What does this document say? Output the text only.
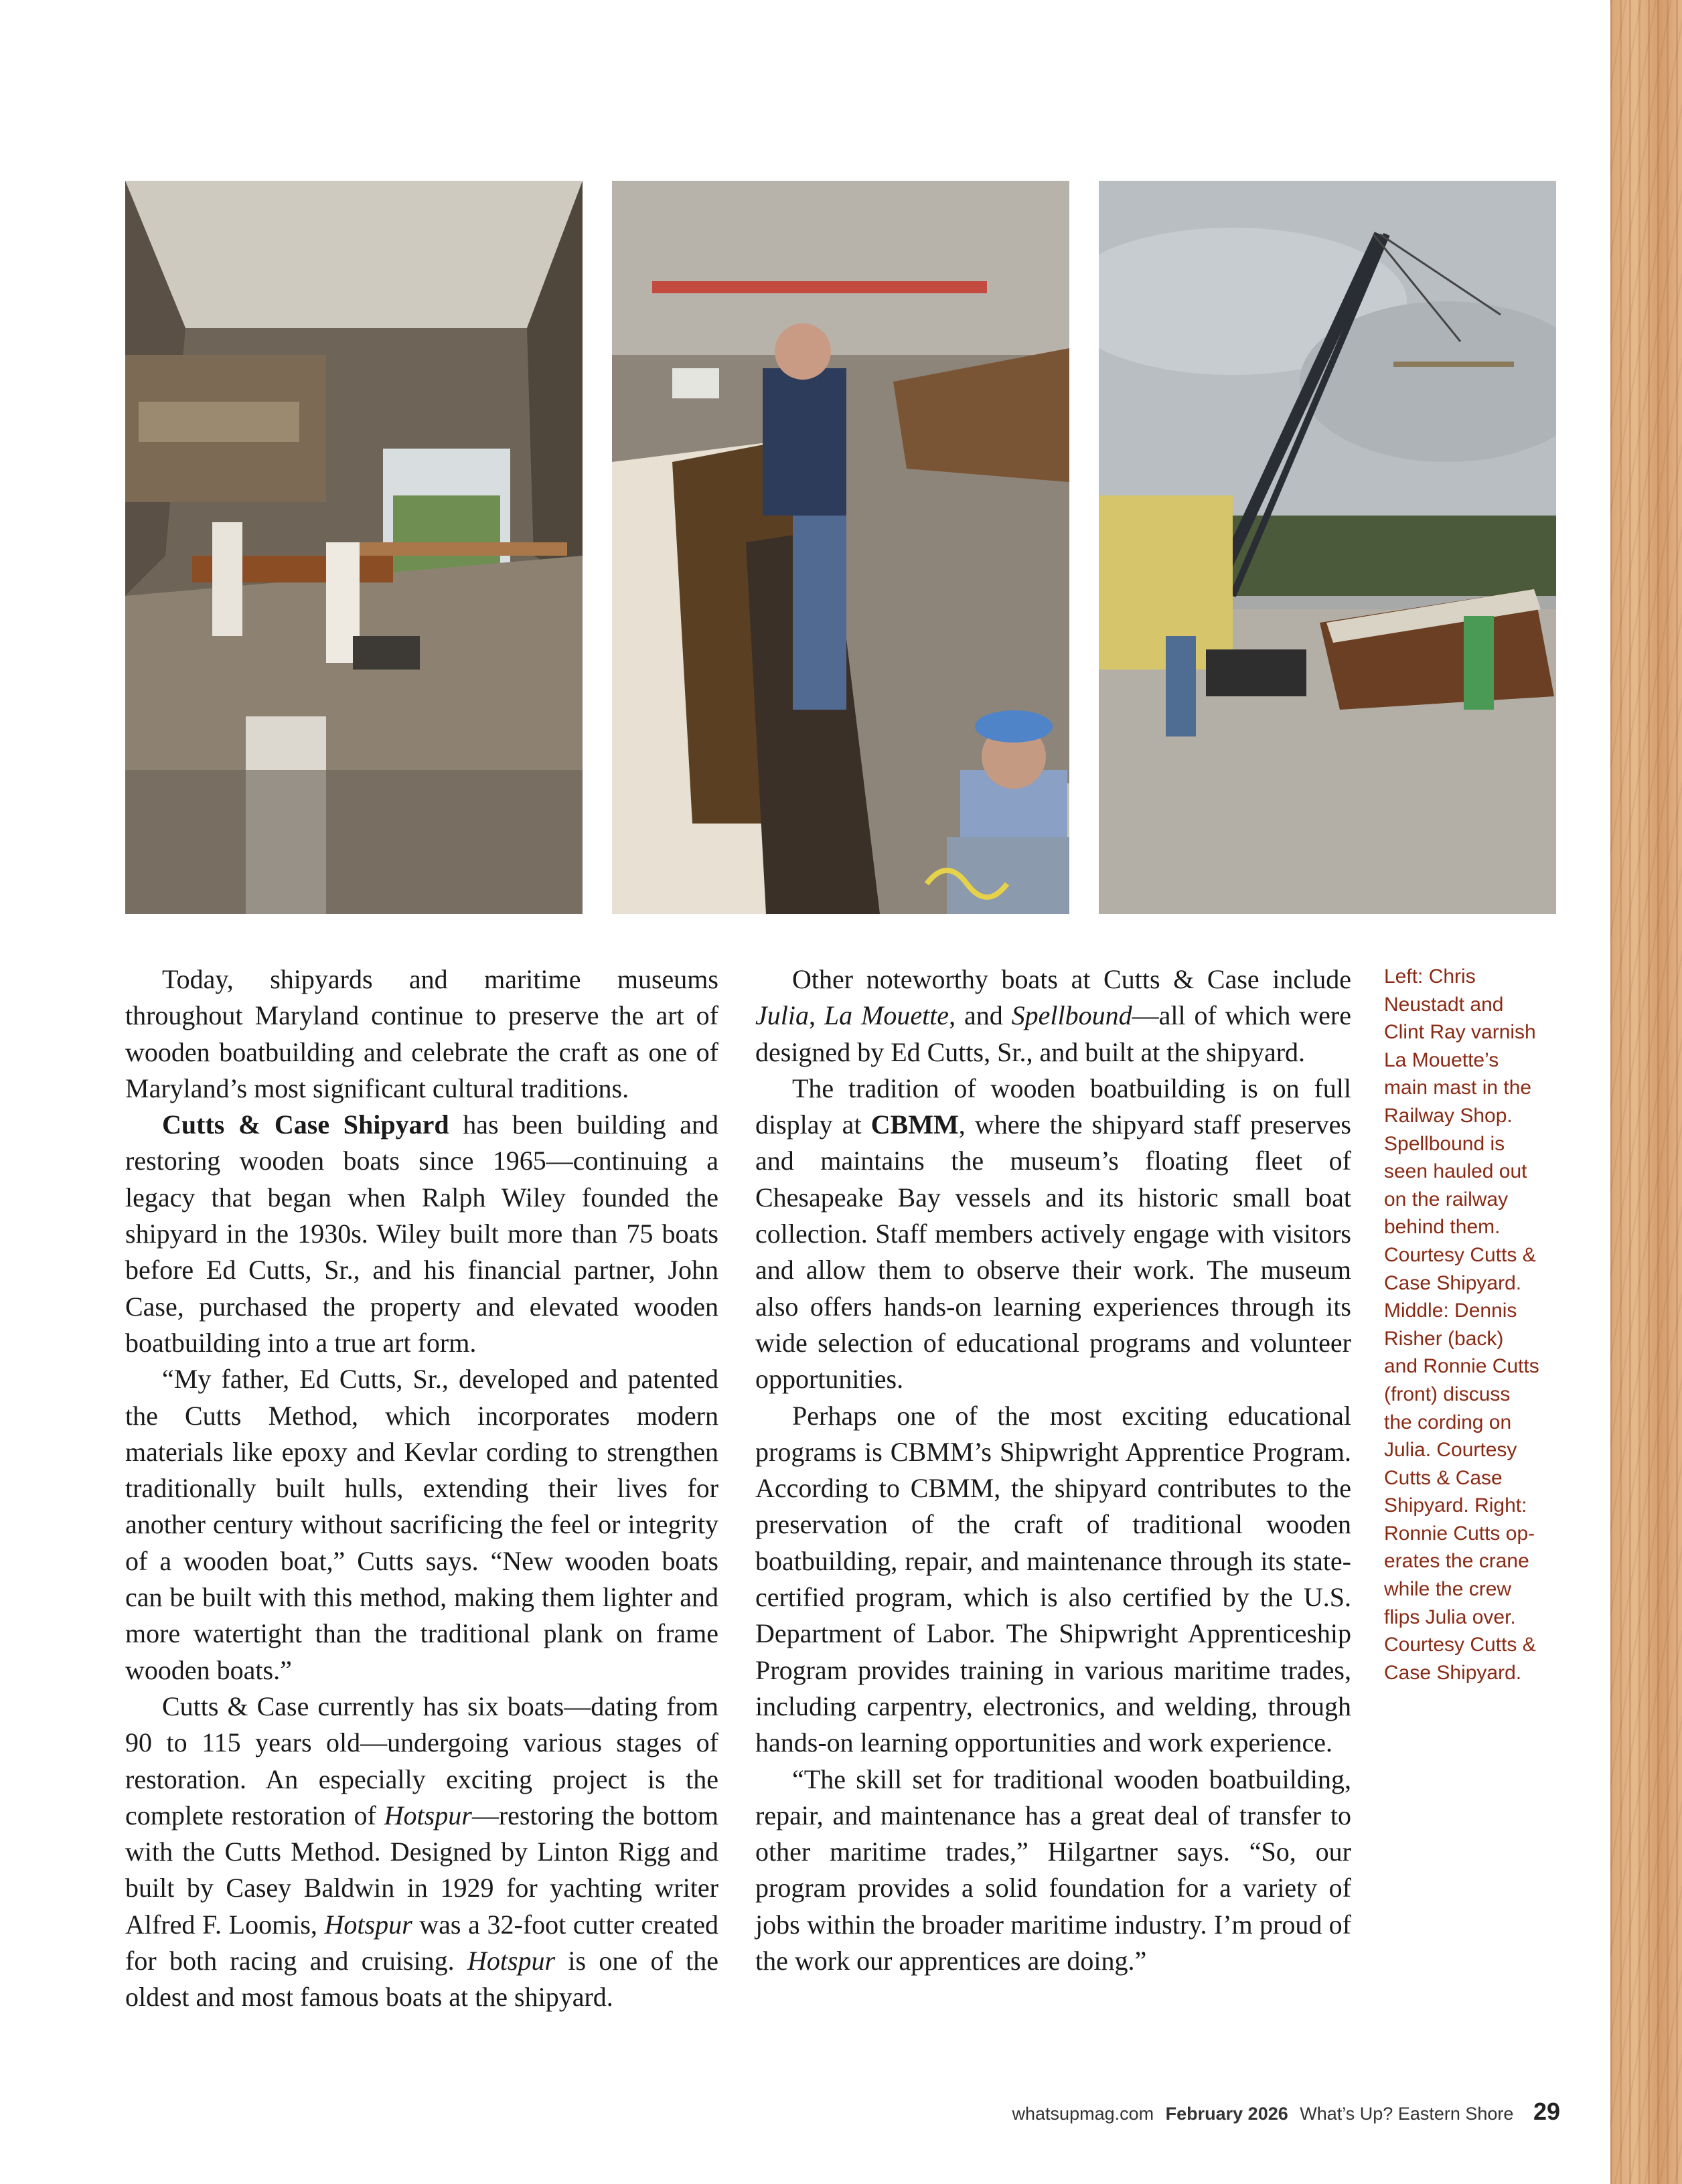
Today, shipyards and maritime museums throughout Maryland continue to preserve the art of wooden boatbuilding and celebrate the craft as one of Maryland’s most significant cultural traditions.

Cutts & Case Shipyard has been building and restoring wooden boats since 1965—continuing a legacy that began when Ralph Wiley founded the shipyard in the 1930s. Wiley built more than 75 boats before Ed Cutts, Sr., and his financial partner, John Case, purchased the property and elevated wooden boatbuilding into a true art form.

“My father, Ed Cutts, Sr., developed and patented the Cutts Method, which incorporates modern materials like epoxy and Kevlar cording to strengthen traditionally built hulls, extending their lives for another century without sacrificing the feel or integrity of a wooden boat,” Cutts says. “New wooden boats can be built with this method, making them lighter and more watertight than the traditional plank on frame wooden boats.”

Cutts & Case currently has six boats—dating from 90 to 115 years old—undergoing various stages of restoration. An especially exciting project is the complete restoration of Hotspur—restoring the bottom with the Cutts Method. Designed by Linton Rigg and built by Casey Baldwin in 1929 for yachting writer Alfred F. Loomis, Hotspur was a 32-foot cutter created for both racing and cruising. Hotspur is one of the oldest and most famous boats at the shipyard.

Other noteworthy boats at Cutts & Case include Julia, La Mouette, and Spellbound—all of which were designed by Ed Cutts, Sr., and built at the shipyard.

The tradition of wooden boatbuilding is on full display at CBMM, where the shipyard staff preserves and maintains the museum’s floating fleet of Chesapeake Bay vessels and its historic small boat collection. Staff members actively engage with visitors and allow them to observe their work. The museum also offers hands-on learning experiences through its wide selection of educational programs and volunteer opportunities.

Perhaps one of the most exciting educational programs is CBMM’s Shipwright Apprentice Program. According to CBMM, the shipyard contributes to the preservation of the craft of traditional wooden boatbuilding, repair, and maintenance through its state-certified program, which is also certified by the U.S. Department of Labor. The Shipwright Apprenticeship Program provides training in various maritime trades, including carpentry, electronics, and welding, through hands-on learning opportunities and work experience.

“The skill set for traditional wooden boatbuilding, repair, and maintenance has a great deal of transfer to other maritime trades,” Hilgartner says. “So, our program provides a solid foundation for a variety of jobs within the broader maritime industry. I’m proud of the work our apprentices are doing.”

Left: Chris
Neustadt and
Clint Ray varnish
La Mouette’s
main mast in the
Railway Shop.
Spellbound is
seen hauled out
on the railway
behind them.
Courtesy Cutts &
Case Shipyard.
Middle: Dennis
Risher (back)
and Ronnie Cutts
(front) discuss
the cording on
Julia. Courtesy
Cutts & Case
Shipyard. Right:
Ronnie Cutts op-
erates the crane
while the crew
flips Julia over.
Courtesy Cutts &
Case Shipyard.
whatsupmag.com February 2026 What’s Up? Eastern Shore 29
